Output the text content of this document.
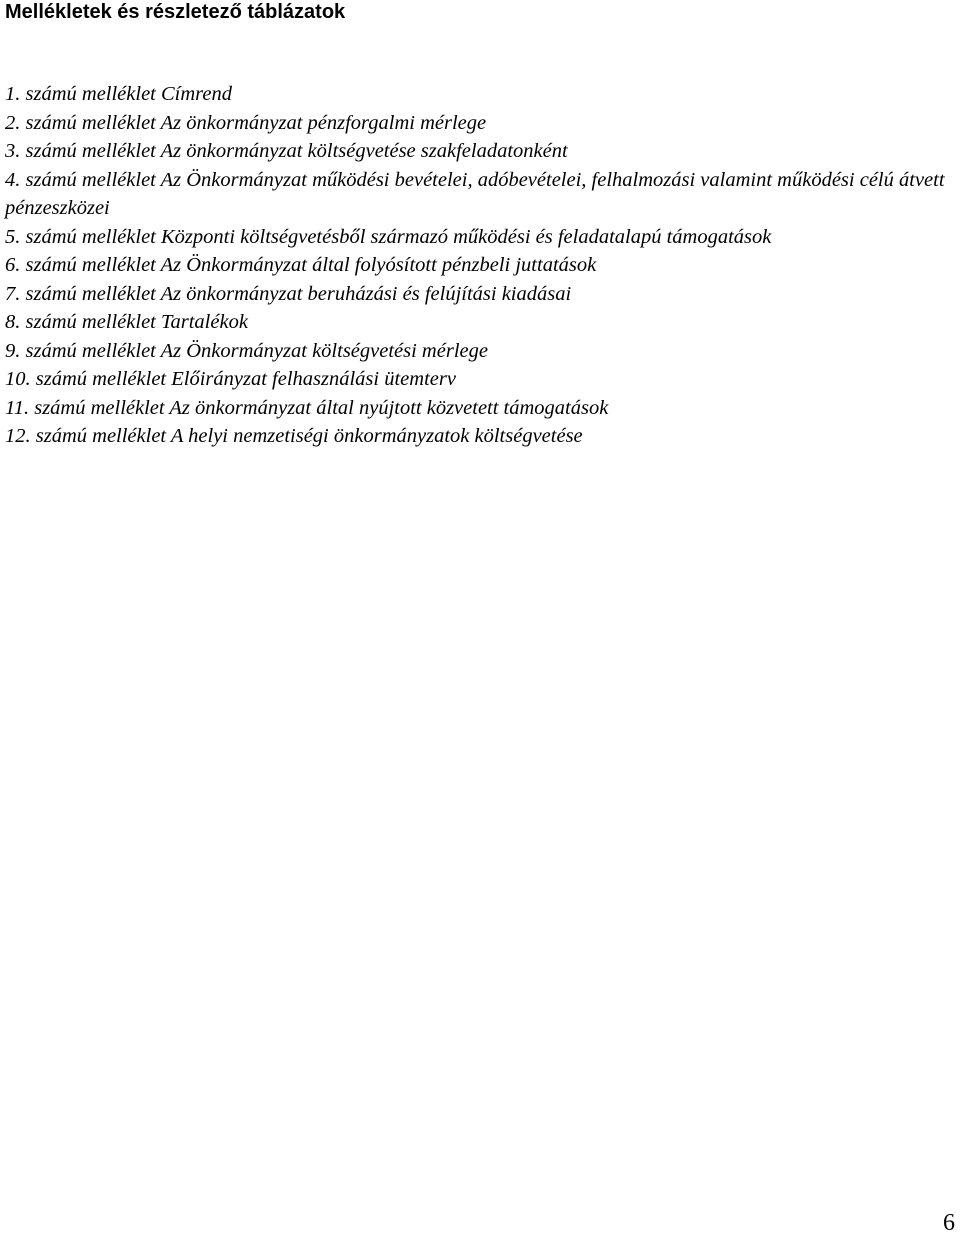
Mellékletek és részletező táblázatok
1. számú melléklet Címrend
2. számú melléklet Az önkormányzat pénzforgalmi mérlege
3. számú melléklet Az önkormányzat költségvetése szakfeladatonként
4. számú melléklet Az Önkormányzat működési bevételei, adóbevételei, felhalmozási valamint működési célú átvett pénzeszközei
5. számú melléklet Központi költségvetésből származó működési és feladatalapú támogatások
6. számú melléklet Az Önkormányzat által folyósított pénzbeli juttatások
7. számú melléklet Az önkormányzat beruházási és felújítási kiadásai
8. számú melléklet Tartalékok
9. számú melléklet Az Önkormányzat költségvetési mérlege
10. számú melléklet Előirányzat felhasználási ütemterv
11. számú melléklet Az önkormányzat által nyújtott közvetett támogatások
12. számú melléklet A helyi nemzetiségi önkormányzatok költségvetése
6
